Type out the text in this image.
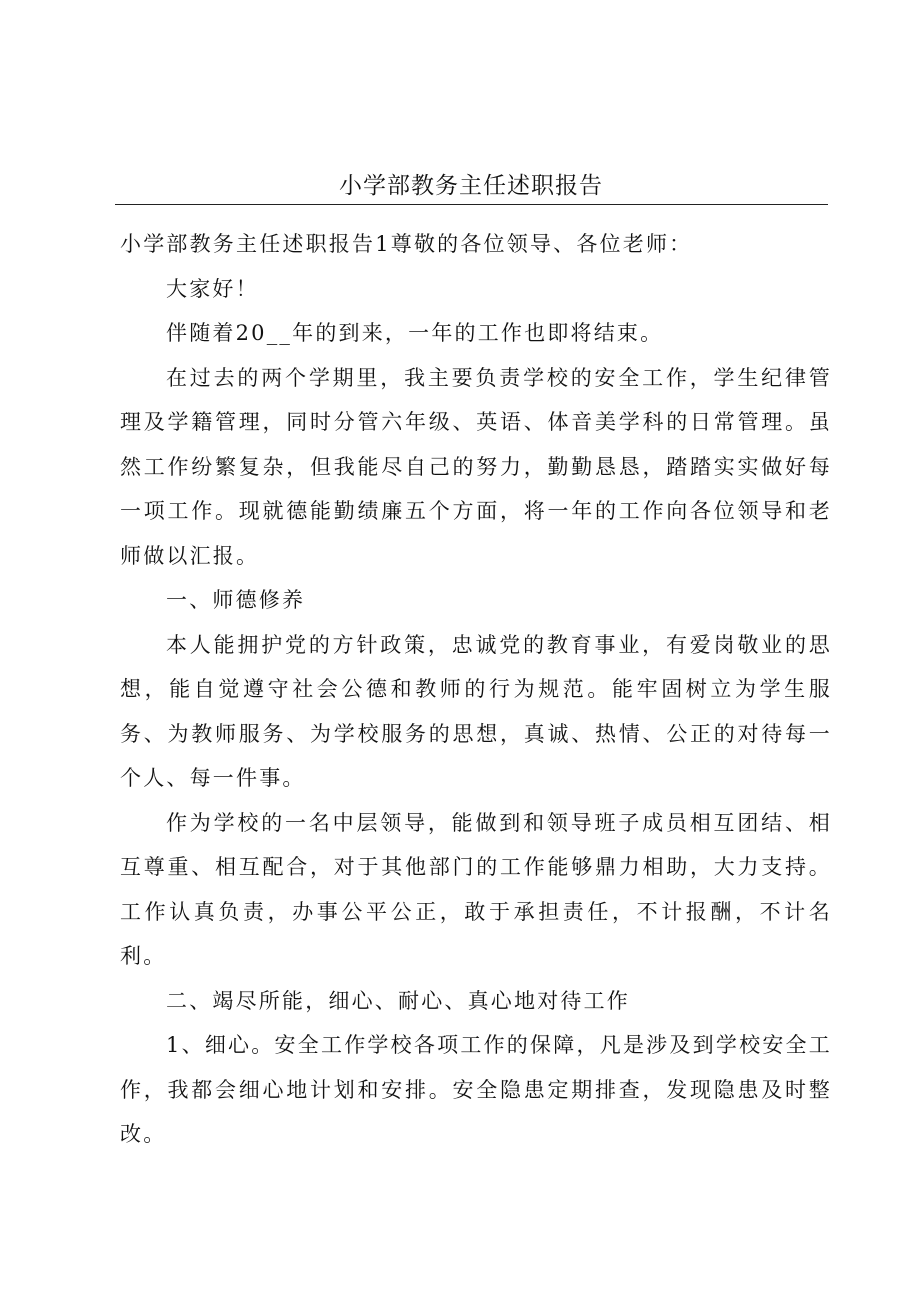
小学部教务主任述职报告

小学部教务主任述职报告1尊敬的各位领导、各位老师：

大家好！

伴随着20__年的到来，一年的工作也即将结束。

在过去的两个学期里，我主要负责学校的安全工作，学生纪律管理及学籍管理，同时分管六年级、英语、体音美学科的日常管理。虽然工作纷繁复杂，但我能尽自己的努力，勤勤恳恳，踏踏实实做好每一项工作。现就德能勤绩廉五个方面，将一年的工作向各位领导和老师做以汇报。

一、师德修养

本人能拥护党的方针政策，忠诚党的教育事业，有爱岗敬业的思想，能自觉遵守社会公德和教师的行为规范。能牢固树立为学生服务、为教师服务、为学校服务的思想，真诚、热情、公正的对待每一个人、每一件事。

作为学校的一名中层领导，能做到和领导班子成员相互团结、相互尊重、相互配合，对于其他部门的工作能够鼎力相助，大力支持。工作认真负责，办事公平公正，敢于承担责任，不计报酬，不计名利。

二、竭尽所能，细心、耐心、真心地对待工作

1、细心。安全工作学校各项工作的保障，凡是涉及到学校安全工作，我都会细心地计划和安排。安全隐患定期排查，发现隐患及时整改。
